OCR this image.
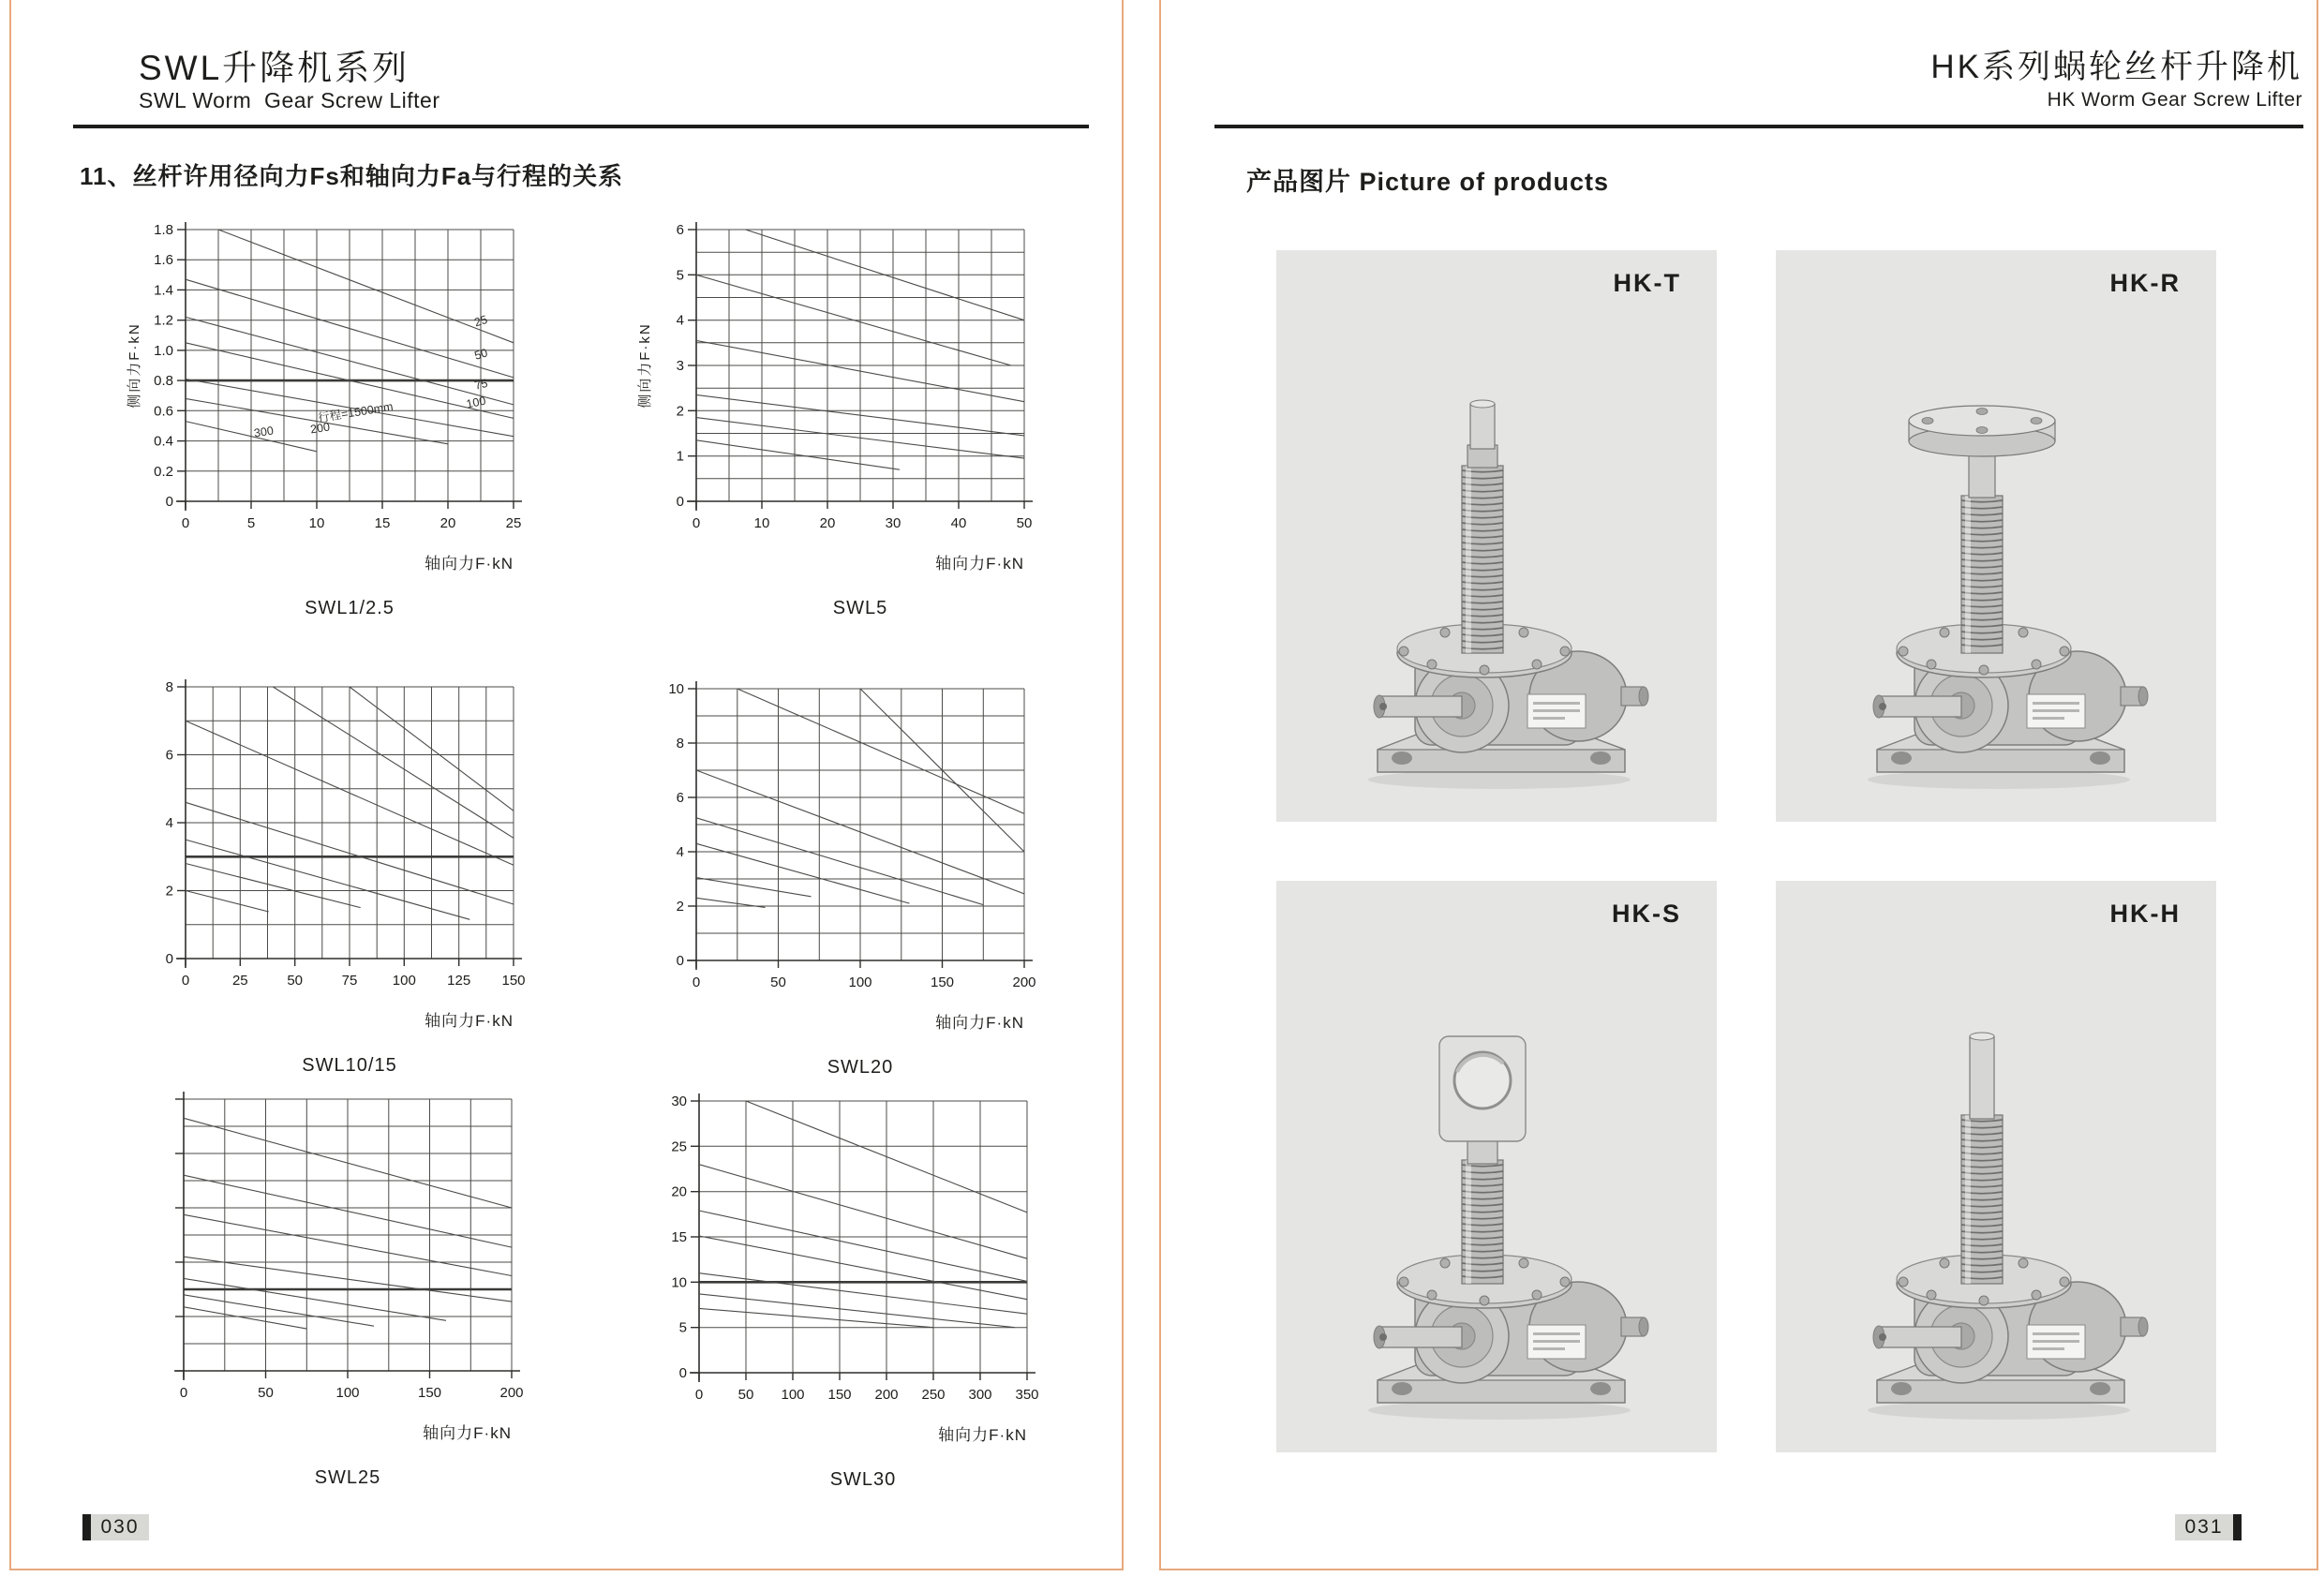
SWL升降机系列
SWL Worm  Gear Screw Lifter
11、丝杆许用径向力Fs和轴向力Fa与行程的关系
0	5	10	15	20	25
0
0.2
0.4
0.6
0.8
1.0
1.2
1.4
1.6
1.8
侧向力F·kN
25
50
75
100
行程=1500mm
200
300
轴向力F·kN
SWL1/2.5
0	10	20	30	40	50
0
1
2
3
4
5
6
侧向力F·kN
轴向力F·kN
SWL5
0	25	50	75 100 125 150
0
2
4
6
8
轴向力F·kN
SWL10/15
0	50	100	150	200
0
2
4
6
8
10
轴向力F·kN
SWL20
0	50	100	150	200
轴向力F·kN
SWL25
0 50 100 150 200 250 300 350
0
5
10
15
20
25
30
轴向力F·kN
SWL30
030
HK系列蜗轮丝杆升降机
HK Worm Gear Screw Lifter
产品图片 Picture of products
HK-T	HK-R
HK-S	HK-H
031
